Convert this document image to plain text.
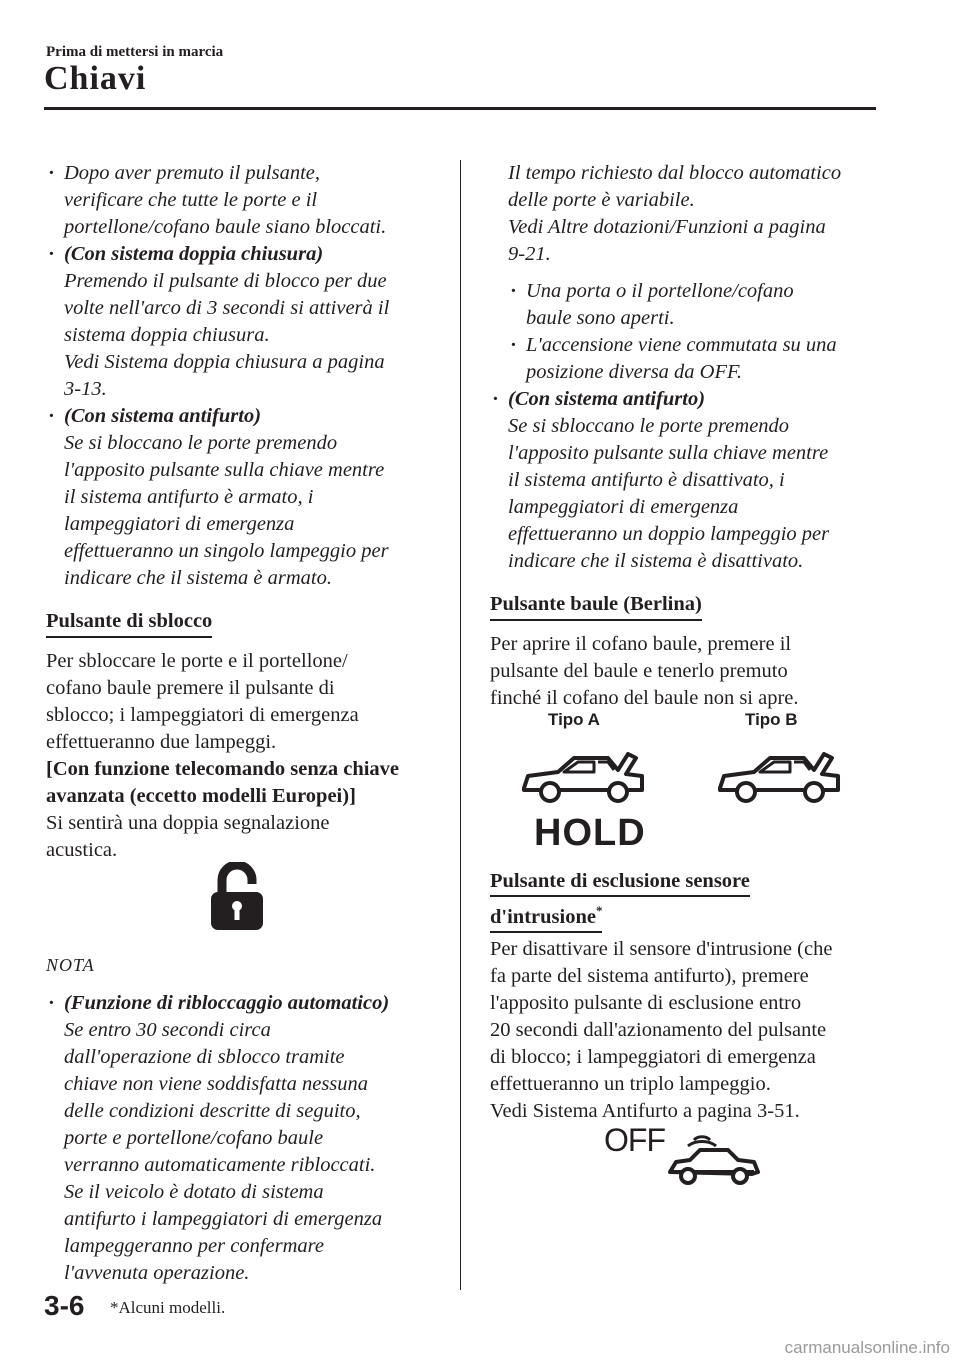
Prima di mettersi in marcia
Chiavi
· Dopo aver premuto il pulsante,
verificare che tutte le porte e il
portellone/cofano baule siano bloccati.
· (Con sistema doppia chiusura)
Premendo il pulsante di blocco per due
volte nell'arco di 3 secondi si attiverà il
sistema doppia chiusura.
Vedi Sistema doppia chiusura a pagina
3-13.
· (Con sistema antifurto)
Se si bloccano le porte premendo
l'apposito pulsante sulla chiave mentre
il sistema antifurto è armato, i
lampeggiatori di emergenza
effettueranno un singolo lampeggio per
indicare che il sistema è armato.
Pulsante di sblocco
Per sbloccare le porte e il portellone/
cofano baule premere il pulsante di
sblocco; i lampeggiatori di emergenza
effettueranno due lampeggi.
[Con funzione telecomando senza chiave
avanzata (eccetto modelli Europei)]
Si sentirà una doppia segnalazione
acustica.
NOTA
· (Funzione di ribloccaggio automatico)
Se entro 30 secondi circa
dall'operazione di sblocco tramite
chiave non viene soddisfatta nessuna
delle condizioni descritte di seguito,
porte e portellone/cofano baule
verranno automaticamente ribloccati.
Se il veicolo è dotato di sistema
antifurto i lampeggiatori di emergenza
lampeggeranno per confermare
l'avvenuta operazione.
Il tempo richiesto dal blocco automatico
delle porte è variabile.
Vedi Altre dotazioni/Funzioni a pagina
9-21.
· Una porta o il portellone/cofano
baule sono aperti.
· L'accensione viene commutata su una
posizione diversa da OFF.
· (Con sistema antifurto)
Se si sbloccano le porte premendo
l'apposito pulsante sulla chiave mentre
il sistema antifurto è disattivato, i
lampeggiatori di emergenza
effettueranno un doppio lampeggio per
indicare che il sistema è disattivato.
Pulsante baule (Berlina)
Per aprire il cofano baule, premere il
pulsante del baule e tenerlo premuto
finché il cofano del baule non si apre.
Tipo A	Tipo B
HOLD
Pulsante di esclusione sensore
d'intrusione*
Per disattivare il sensore d'intrusione (che
fa parte del sistema antifurto), premere
l'apposito pulsante di esclusione entro
20 secondi dall'azionamento del pulsante
di blocco; i lampeggiatori di emergenza
effettueranno un triplo lampeggio.
Vedi Sistema Antifurto a pagina 3-51.
OFF
3-6 *Alcuni modelli.
carmanualsonline.info
